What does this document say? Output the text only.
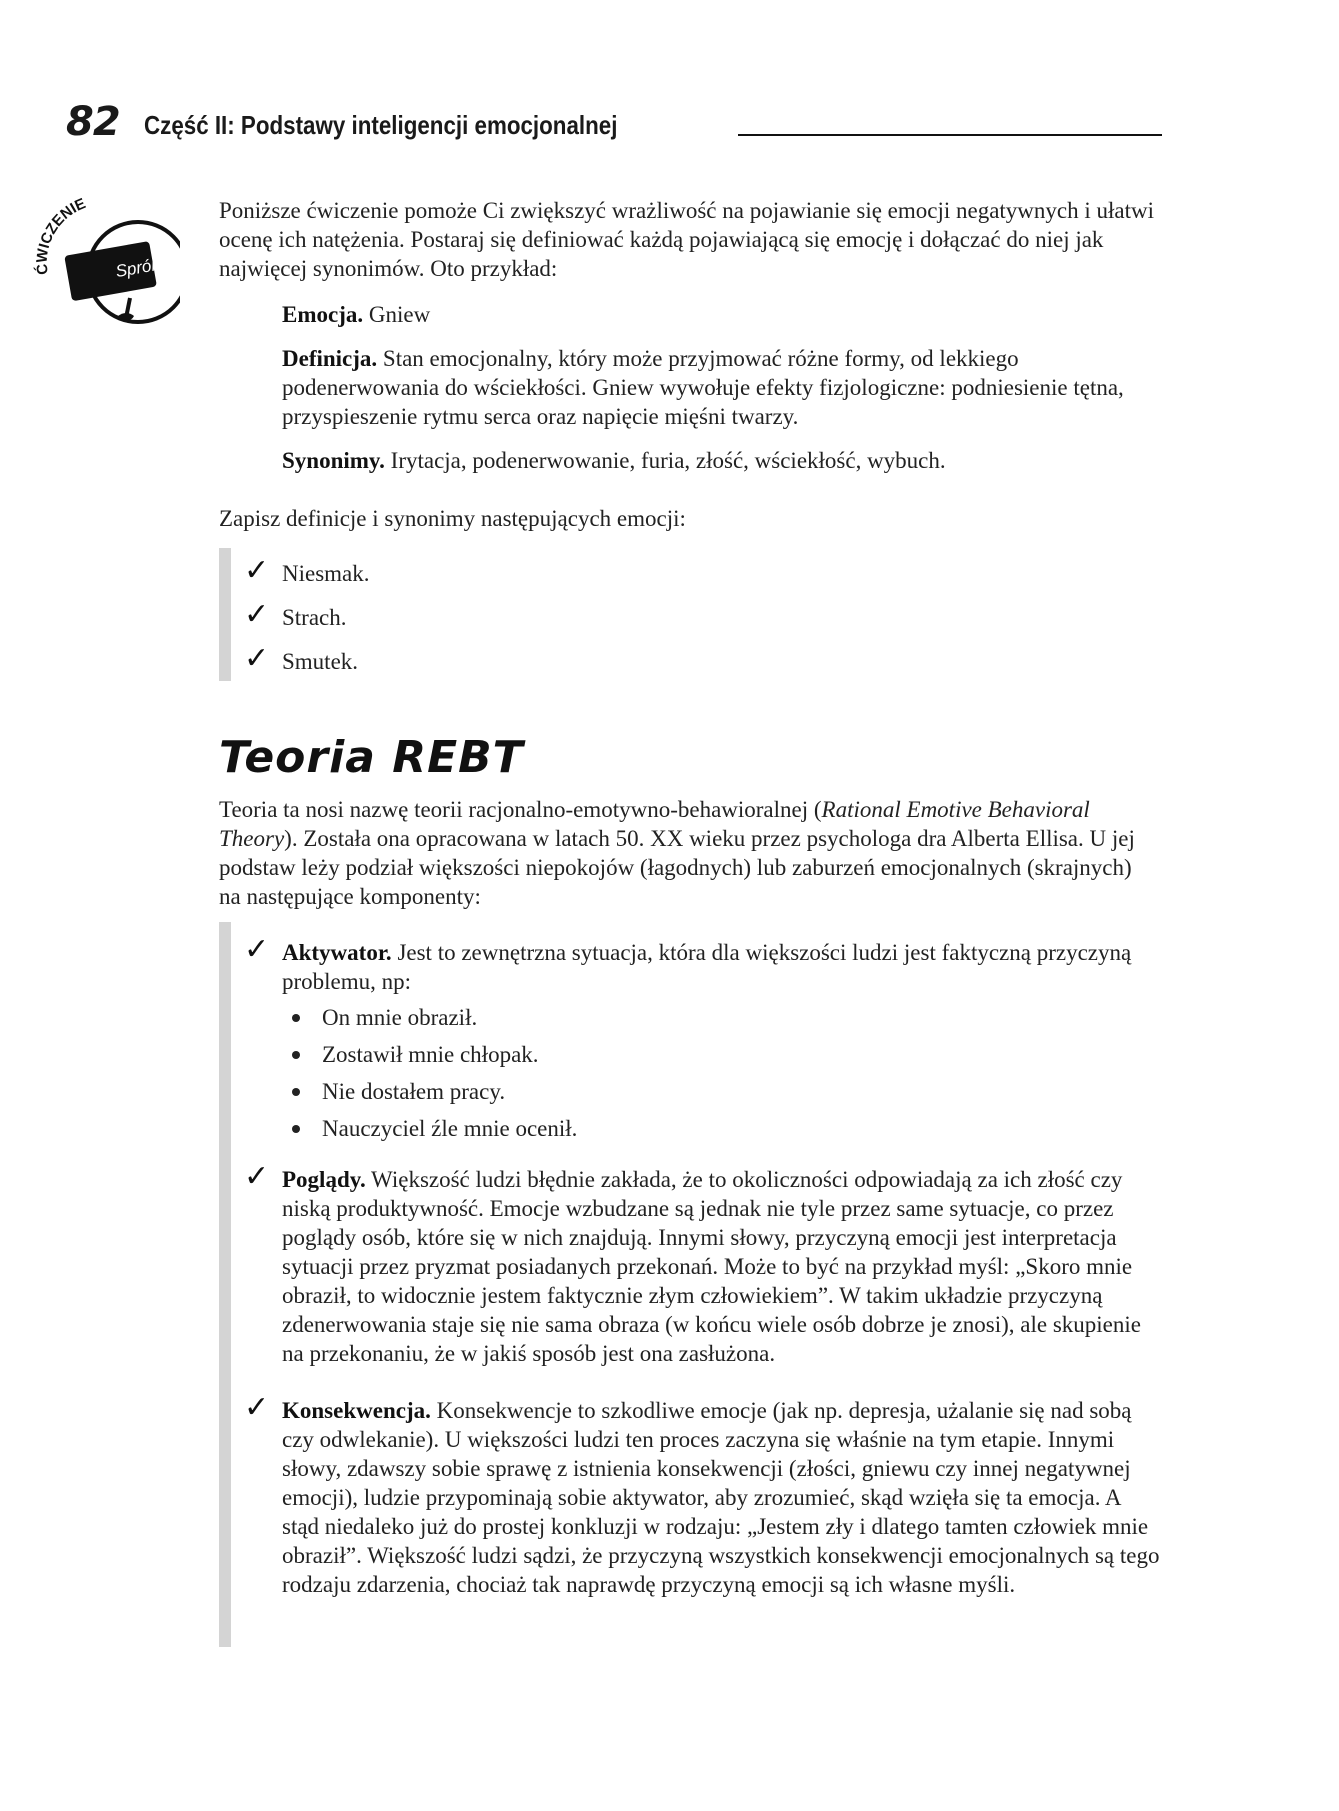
82 Część II: Podstawy inteligencji emocjonalnej
ĆWICZENIE
Spróbuj
Poniższe ćwiczenie pomoże Ci zwiększyć wrażliwość na pojawianie się emocji negatywnych i ułatwi ocenę ich natężenia. Postaraj się definiować każdą pojawiającą się emocję i dołączać do niej jak najwięcej synonimów. Oto przykład:
Emocja. Gniew
Definicja. Stan emocjonalny, który może przyjmować różne formy, od lekkiego podenerwowania do wściekłości. Gniew wywołuje efekty fizjologiczne: podniesienie tętna, przyspieszenie rytmu serca oraz napięcie mięśni twarzy.
Synonimy. Irytacja, podenerwowanie, furia, złość, wściekłość, wybuch.
Zapisz definicje i synonimy następujących emocji:
✓ Niesmak.
✓ Strach.
✓ Smutek.
Teoria REBT
Teoria ta nosi nazwę teorii racjonalno-emotywno-behawioralnej (Rational Emotive Behavioral Theory). Została ona opracowana w latach 50. XX wieku przez psychologa dra Alberta Ellisa. U jej podstaw leży podział większości niepokojów (łagodnych) lub zaburzeń emocjonalnych (skrajnych) na następujące komponenty:
✓ Aktywator. Jest to zewnętrzna sytuacja, która dla większości ludzi jest faktyczną przyczyną problemu, np:
On mnie obraził.
Zostawił mnie chłopak.
Nie dostałem pracy.
Nauczyciel źle mnie ocenił.
✓ Poglądy. Większość ludzi błędnie zakłada, że to okoliczności odpowiadają za ich złość czy niską produktywność. Emocje wzbudzane są jednak nie tyle przez same sytuacje, co przez poglądy osób, które się w nich znajdują. Innymi słowy, przyczyną emocji jest interpretacja sytuacji przez pryzmat posiadanych przekonań. Może to być na przykład myśl: „Skoro mnie obraził, to widocznie jestem faktycznie złym człowiekiem”. W takim układzie przyczyną zdenerwowania staje się nie sama obraza (w końcu wiele osób dobrze je znosi), ale skupienie na przekonaniu, że w jakiś sposób jest ona zasłużona.
✓ Konsekwencja. Konsekwencje to szkodliwe emocje (jak np. depresja, użalanie się nad sobą czy odwlekanie). U większości ludzi ten proces zaczyna się właśnie na tym etapie. Innymi słowy, zdawszy sobie sprawę z istnienia konsekwencji (złości, gniewu czy innej negatywnej emocji), ludzie przypominają sobie aktywator, aby zrozumieć, skąd wzięła się ta emocja. A stąd niedaleko już do prostej konkluzji w rodzaju: „Jestem zły i dlatego tamten człowiek mnie obraził”. Większość ludzi sądzi, że przyczyną wszystkich konsekwencji emocjonalnych są tego rodzaju zdarzenia, chociaż tak naprawdę przyczyną emocji są ich własne myśli.
